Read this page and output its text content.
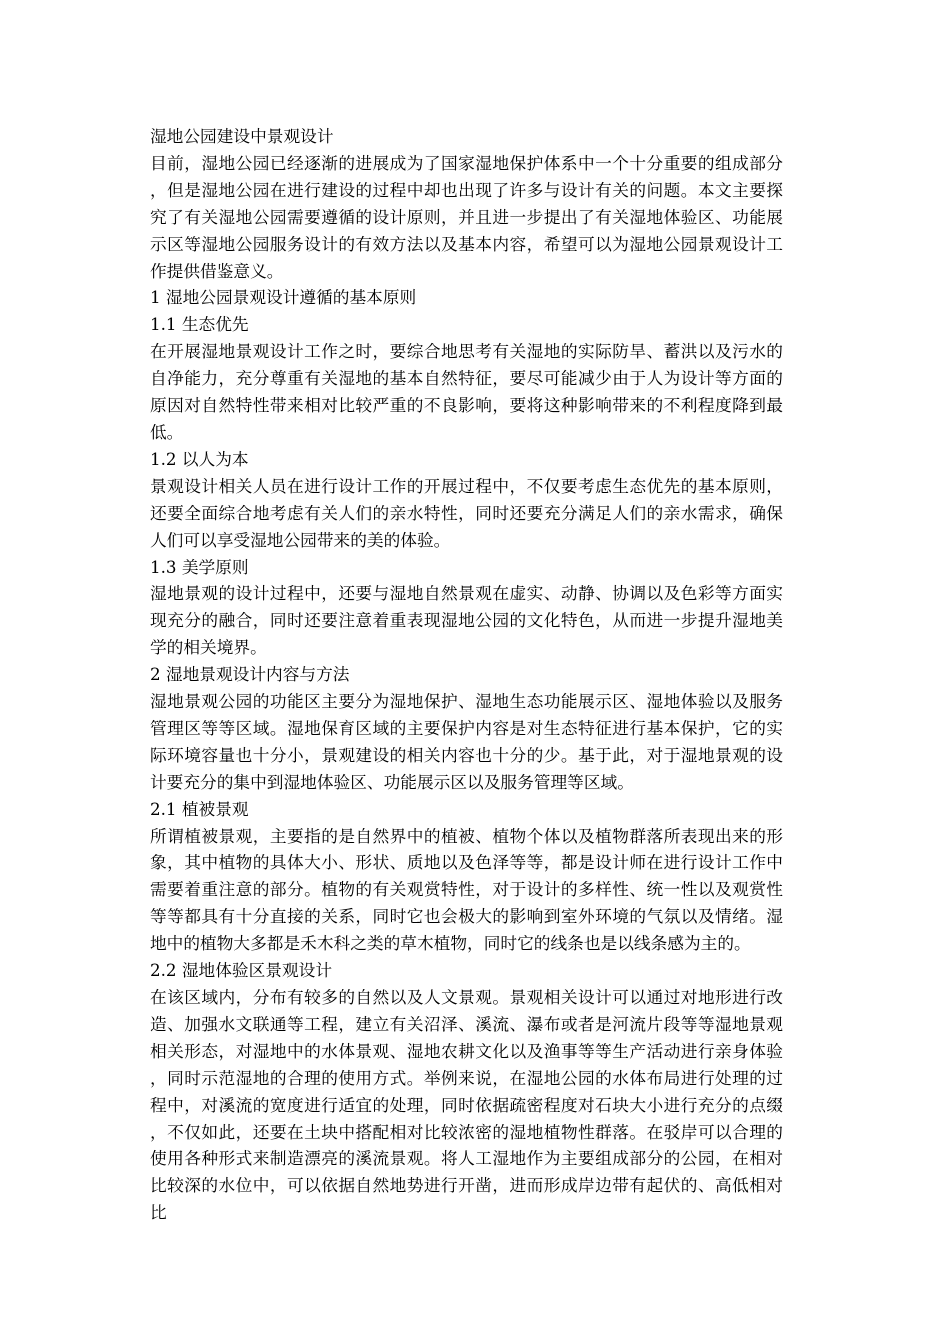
湿地公园建设中景观设计

目前，湿地公园已经逐渐的进展成为了国家湿地保护体系中一个十分重要的组成部分，但是湿地公园在进行建设的过程中却也出现了许多与设计有关的问题。本文主要探究了有关湿地公园需要遵循的设计原则，并且进一步提出了有关湿地体验区、功能展示区等湿地公园服务设计的有效方法以及基本内容，希望可以为湿地公园景观设计工作提供借鉴意义。

1 湿地公园景观设计遵循的基本原则
1.1 生态优先

在开展湿地景观设计工作之时，要综合地思考有关湿地的实际防旱、蓄洪以及污水的自净能力，充分尊重有关湿地的基本自然特征，要尽可能减少由于人为设计等方面的原因对自然特性带来相对比较严重的不良影响，要将这种影响带来的不利程度降到最低。

1.2 以人为本

景观设计相关人员在进行设计工作的开展过程中，不仅要考虑生态优先的基本原则，还要全面综合地考虑有关人们的亲水特性，同时还要充分满足人们的亲水需求，确保人们可以享受湿地公园带来的美的体验。

1.3 美学原则

湿地景观的设计过程中，还要与湿地自然景观在虚实、动静、协调以及色彩等方面实现充分的融合，同时还要注意着重表现湿地公园的文化特色，从而进一步提升湿地美学的相关境界。

2 湿地景观设计内容与方法

湿地景观公园的功能区主要分为湿地保护、湿地生态功能展示区、湿地体验以及服务管理区等等区域。湿地保育区域的主要保护内容是对生态特征进行基本保护，它的实际环境容量也十分小，景观建设的相关内容也十分的少。基于此，对于湿地景观的设计要充分的集中到湿地体验区、功能展示区以及服务管理等区域。

2.1 植被景观

所谓植被景观，主要指的是自然界中的植被、植物个体以及植物群落所表现出来的形象，其中植物的具体大小、形状、质地以及色泽等等，都是设计师在进行设计工作中需要着重注意的部分。植物的有关观赏特性，对于设计的多样性、统一性以及观赏性等等都具有十分直接的关系，同时它也会极大的影响到室外环境的气氛以及情绪。湿地中的植物大多都是禾木科之类的草木植物，同时它的线条也是以线条感为主的。

2.2 湿地体验区景观设计

在该区域内，分布有较多的自然以及人文景观。景观相关设计可以通过对地形进行改造、加强水文联通等工程，建立有关沼泽、溪流、瀑布或者是河流片段等等湿地景观相关形态，对湿地中的水体景观、湿地农耕文化以及渔事等等生产活动进行亲身体验，同时示范湿地的合理的使用方式。举例来说，在湿地公园的水体布局进行处理的过程中，对溪流的宽度进行适宜的处理，同时依据疏密程度对石块大小进行充分的点缀，不仅如此，还要在土块中搭配相对比较浓密的湿地植物性群落。在驳岸可以合理的使用各种形式来制造漂亮的溪流景观。将人工湿地作为主要组成部分的公园，在相对比较深的水位中，可以依据自然地势进行开凿，进而形成岸边带有起伏的、高低相对比
